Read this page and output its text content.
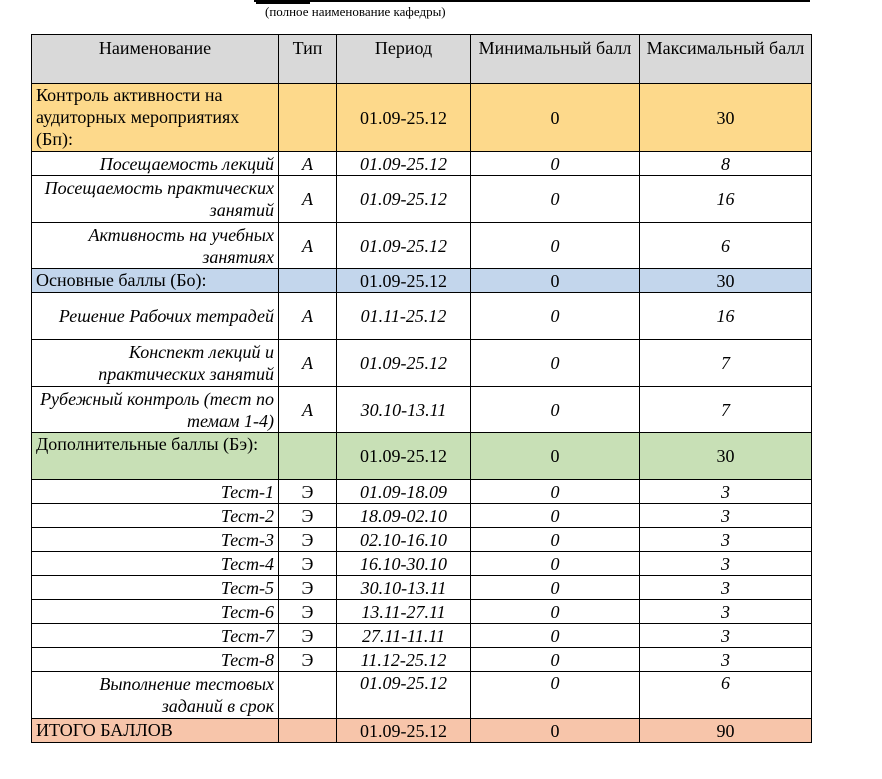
(полное наименование кафедры)
Наименование	Тип	Период	Минимальный балл	Максимальный балл
Контроль активности на аудиторных мероприятиях (Бп):		01.09-25.12	0	30
Посещаемость лекций	А	01.09-25.12	0	8
Посещаемость практических занятий	А	01.09-25.12	0	16
Активность на учебных занятиях	А	01.09-25.12	0	6
Основные баллы (Бо):		01.09-25.12	0	30
Решение Рабочих тетрадей	А	01.11-25.12	0	16
Конспект лекций и практических занятий	А	01.09-25.12	0	7
Рубежный контроль (тест по темам 1-4)	А	30.10-13.11	0	7
Дополнительные баллы (Бэ):		01.09-25.12	0	30
Тест-1	Э	01.09-18.09	0	3
Тест-2	Э	18.09-02.10	0	3
Тест-3	Э	02.10-16.10	0	3
Тест-4	Э	16.10-30.10	0	3
Тест-5	Э	30.10-13.11	0	3
Тест-6	Э	13.11-27.11	0	3
Тест-7	Э	27.11-11.11	0	3
Тест-8	Э	11.12-25.12	0	3
Выполнение тестовых заданий в срок		01.09-25.12	0	6
ИТОГО БАЛЛОВ		01.09-25.12	0	90
